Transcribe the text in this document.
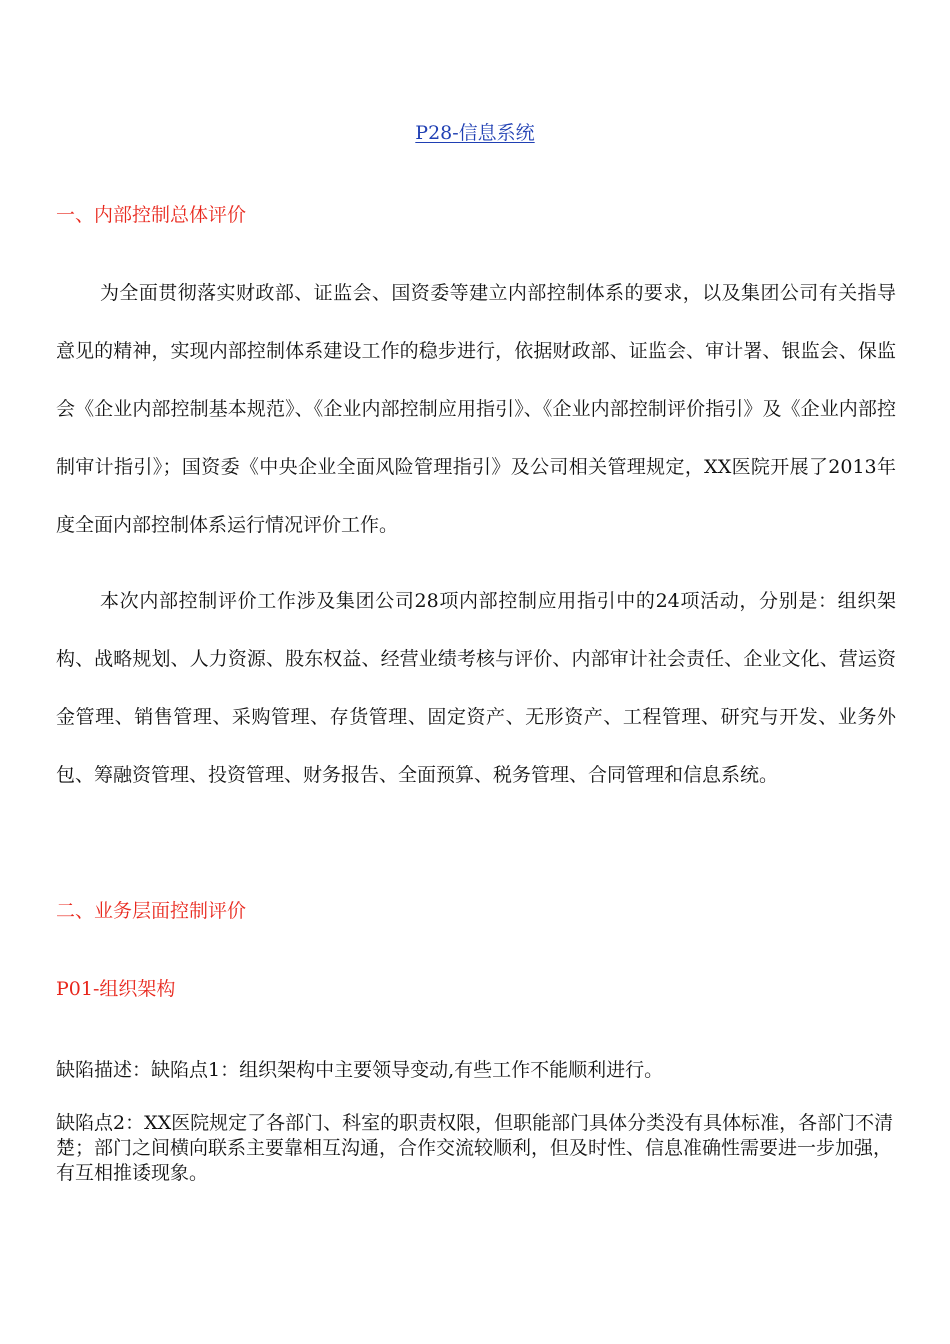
P28-信息系统
一、内部控制总体评价

为全面贯彻落实财政部、证监会、国资委等建立内部控制体系的要求，以及集团公司有关指导意见的精神，实现内部控制体系建设工作的稳步进行，依据财政部、证监会、审计署、银监会、保监会《企业内部控制基本规范》、《企业内部控制应用指引》、《企业内部控制评价指引》及《企业内部控制审计指引》；国资委《中央企业全面风险管理指引》及公司相关管理规定，XX医院开展了2013年度全面内部控制体系运行情况评价工作。

本次内部控制评价工作涉及集团公司28项内部控制应用指引中的24项活动，分别是：组织架构、战略规划、人力资源、股东权益、经营业绩考核与评价、内部审计社会责任、企业文化、营运资金管理、销售管理、采购管理、存货管理、固定资产、无形资产、工程管理、研究与开发、业务外包、筹融资管理、投资管理、财务报告、全面预算、税务管理、合同管理和信息系统。

二、业务层面控制评价
P01-组织架构

缺陷描述：缺陷点1：组织架构中主要领导变动,有些工作不能顺利进行。

缺陷点2：XX医院规定了各部门、科室的职责权限，但职能部门具体分类没有具体标准，各部门不清楚；部门之间横向联系主要靠相互沟通，合作交流较顺利，但及时性、信息准确性需要进一步加强，有互相推诿现象。
